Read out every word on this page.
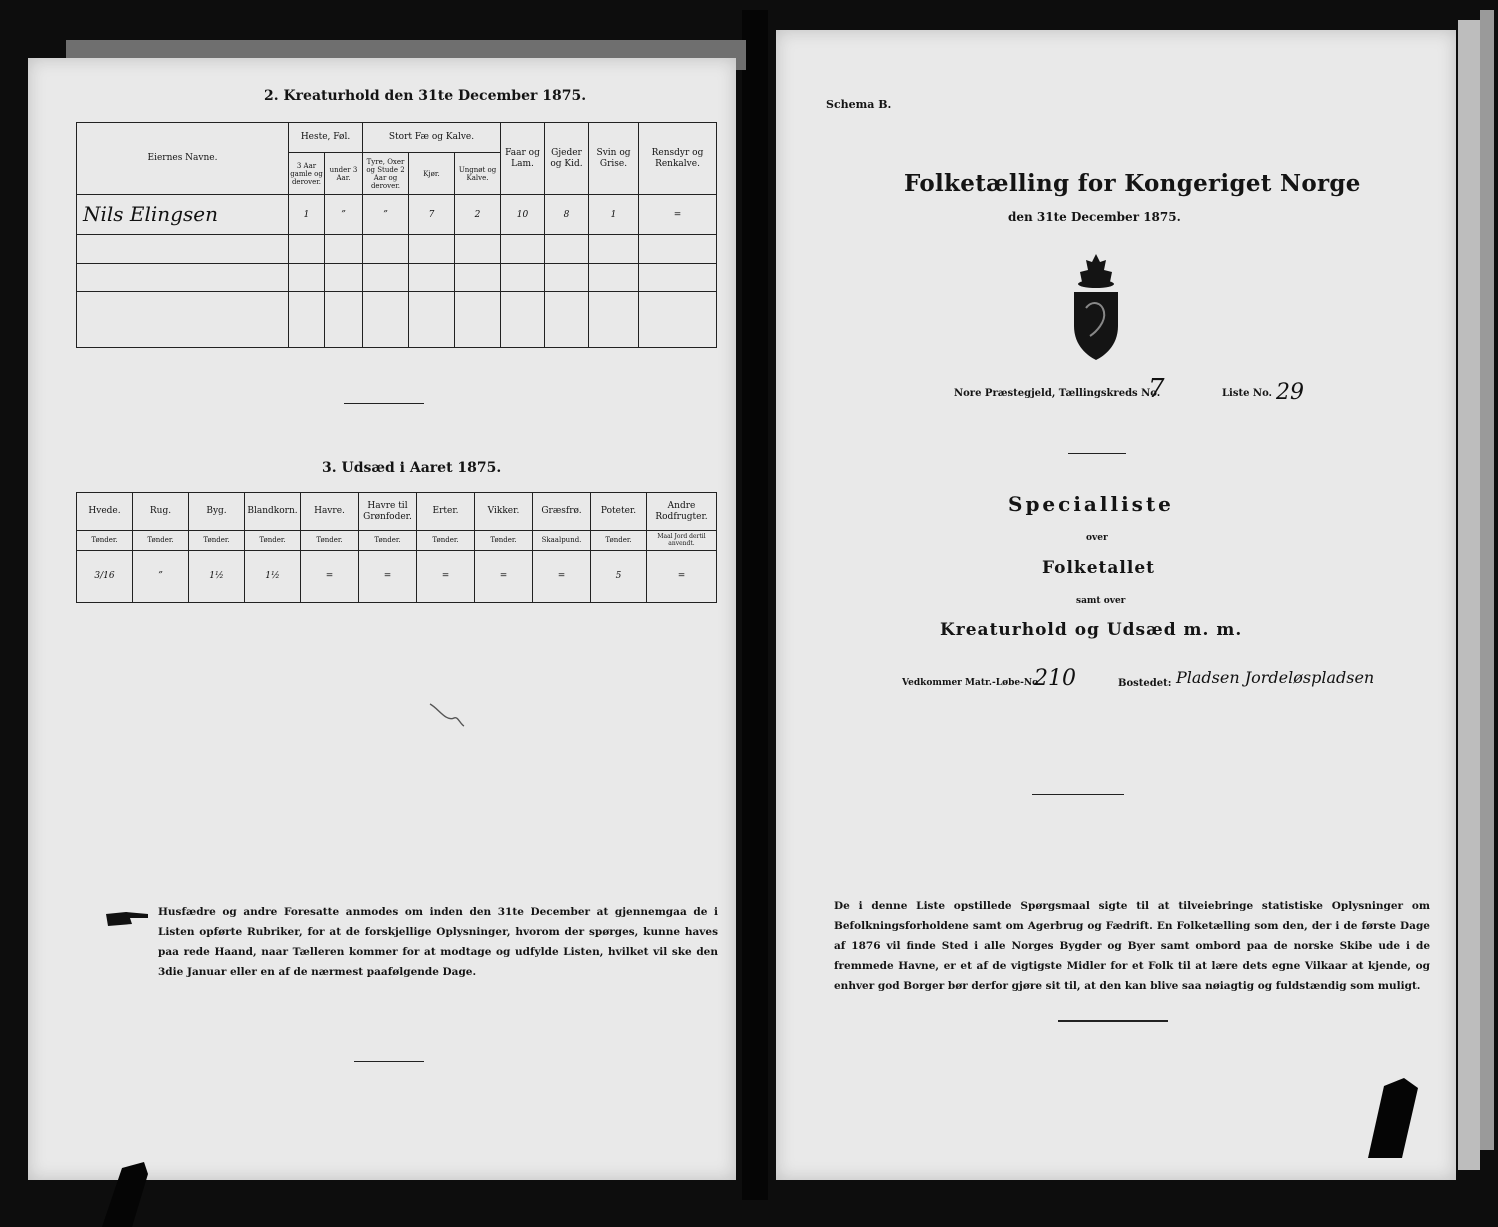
2. Kreaturhold den 31te December 1875.
Eiernes Navne.	Heste, Føl.		Stort Fæ og Kalve.			Faar og Lam.	Gjeder og Kid.	Svin og Grise.	Rensdyr og Renkalve.
	3 Aar gamle og derover.	under 3 Aar.	Tyre, Oxer og Stude 2 Aar og derover.	Kjør.	Ungnøt og Kalve.				
Nils Elingsen	1	”	”	7	2	10	8	1	=

3. Udsæd i Aaret 1875.
Hvede.	Rug.	Byg.	Blandkorn.	Havre.	Havre til Grønfoder.	Erter.	Vikker.	Græsfrø.	Poteter.	Andre Rodfrugter.
Tønder.	Tønder.	Tønder.	Tønder.	Tønder.	Tønder.	Tønder.	Tønder.	Skaalpund.	Tønder.	Maal Jord dertil anvendt.
3/16	”	1½	1½	=	=	=	=	=	5	=
Husfædre og andre Foresatte anmodes om inden den 31te December at gjennemgaa de i Listen opførte Rubriker, for at de forskjellige Oplysninger, hvorom der spørges, kunne haves paa rede Haand, naar Tælleren kommer for at modtage og udfylde Listen, hvilket vil ske den 3die Januar eller en af de nærmest paafølgende Dage.
Schema B.
Folketælling for Kongeriget Norge
den 31te December 1875.
Nore Præstegjeld, Tællingskreds No.
7	Liste No. 29
Specialliste
over
Folketallet
samt over
Kreaturhold og Udsæd m. m.
Vedkommer Matr.-Løbe-No.
210	Bostedet: Pladsen Jordeløspladsen
De i denne Liste opstillede Spørgsmaal sigte til at tilveiebringe statistiske Oplysninger om Befolkningsforholdene samt om Agerbrug og Fædrift. En Folketælling som den, der i de første Dage af 1876 vil finde Sted i alle Norges Bygder og Byer samt ombord paa de norske Skibe ude i de fremmede Havne, er et af de vigtigste Midler for et Folk til at lære dets egne Vilkaar at kjende, og enhver god Borger bør derfor gjøre sit til, at den kan blive saa nøiagtig og fuldstændig som muligt.
